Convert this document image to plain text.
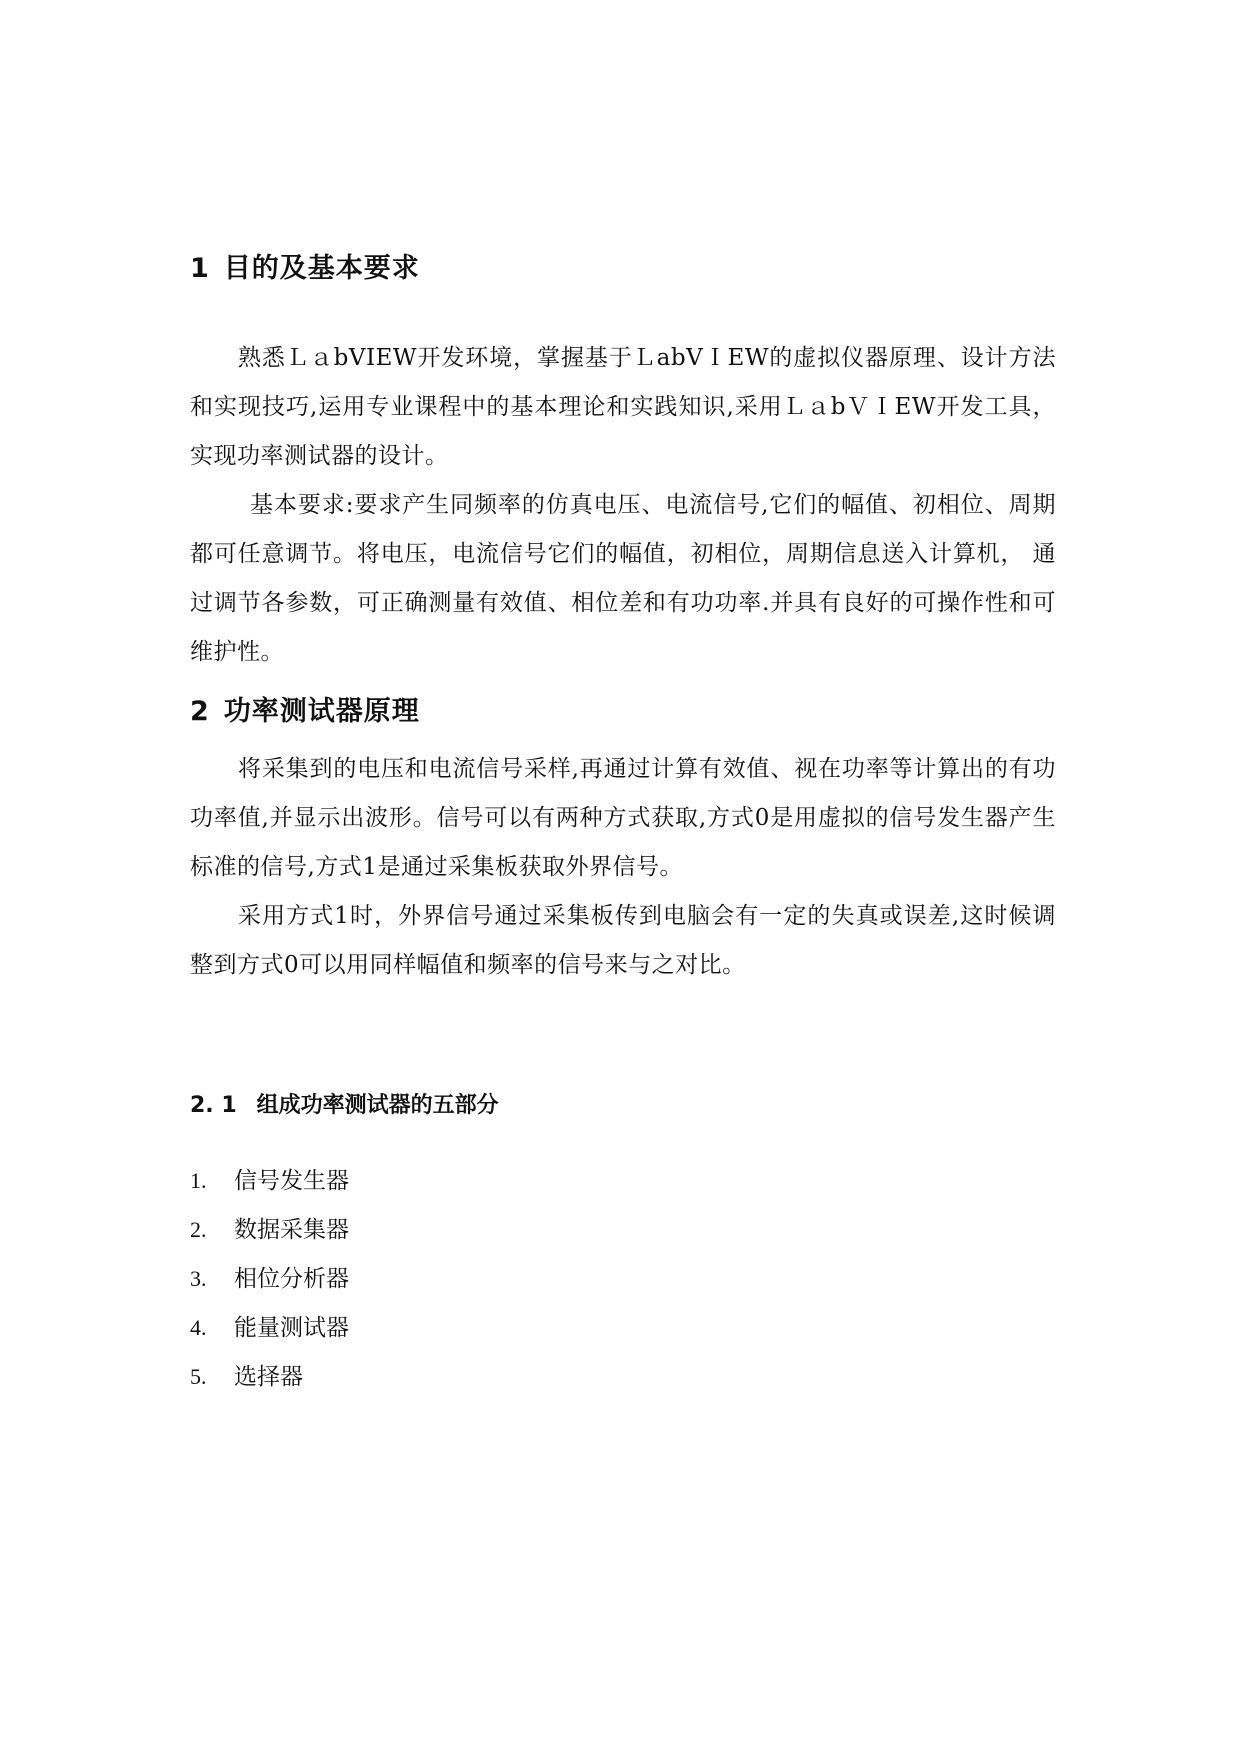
1 目的及基本要求

熟悉ＬａbVIEW开发环境，掌握基于ＬabVＩEW的虚拟仪器原理、设计方法和实现技巧,运用专业课程中的基本理论和实践知识,采用ＬａbＶＩEW开发工具，实现功率测试器的设计。

基本要求:要求产生同频率的仿真电压、电流信号,它们的幅值、初相位、周期都可任意调节。将电压，电流信号它们的幅值，初相位，周期信息送入计算机， 通过调节各参数，可正确测量有效值、相位差和有功功率.并具有良好的可操作性和可维护性。

2 功率测试器原理

将采集到的电压和电流信号采样,再通过计算有效值、视在功率等计算出的有功功率值,并显示出波形。信号可以有两种方式获取,方式0是用虚拟的信号发生器产生标准的信号,方式1是通过采集板获取外界信号。

采用方式1时，外界信号通过采集板传到电脑会有一定的失真或误差,这时候调整到方式0可以用同样幅值和频率的信号来与之对比。

2. 1 组成功率测试器的五部分
1. 信号发生器
2. 数据采集器
3. 相位分析器
4. 能量测试器
5. 选择器
